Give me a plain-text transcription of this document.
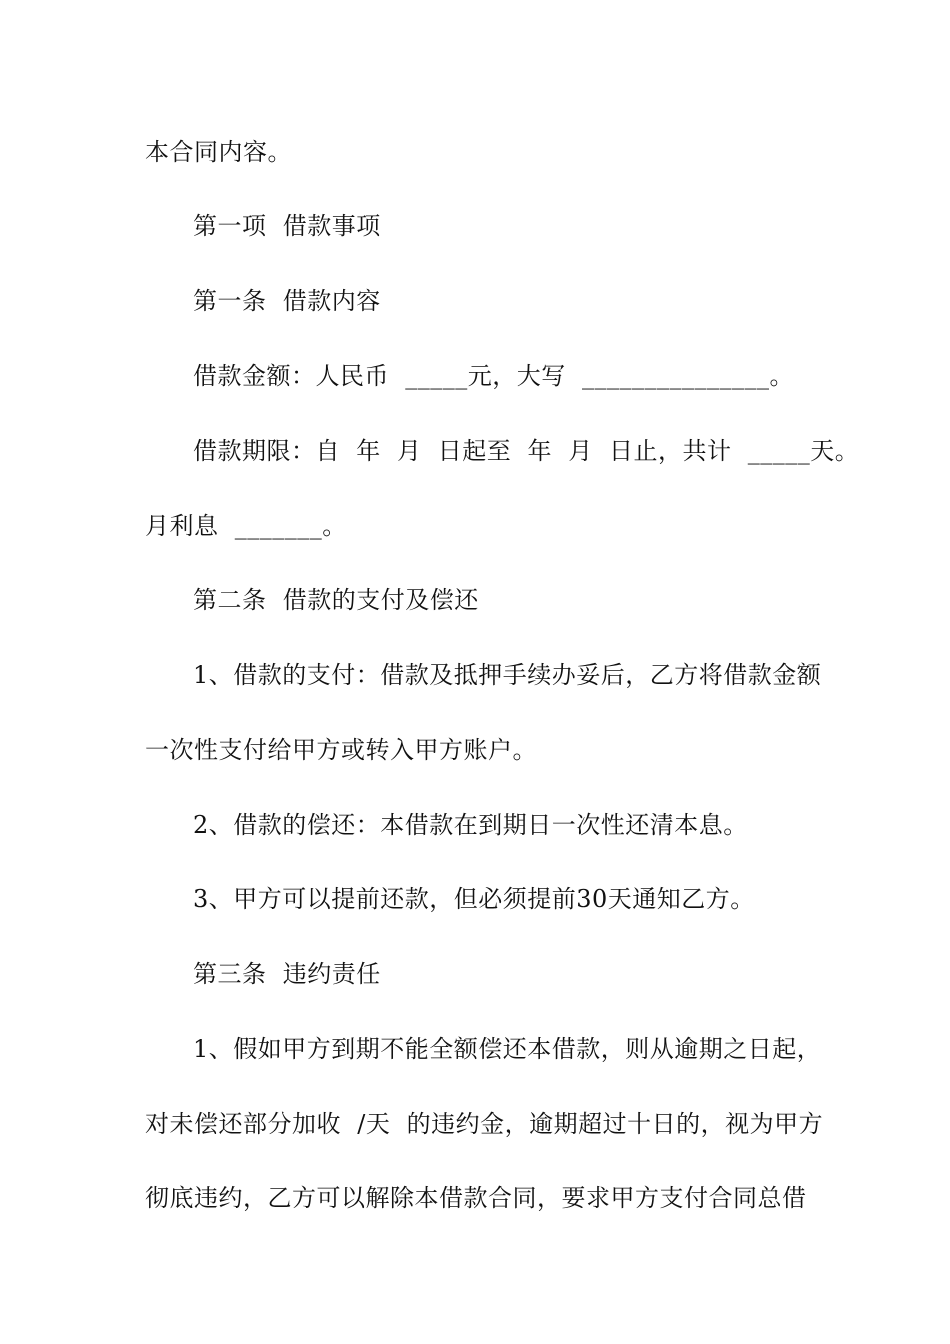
本合同内容。
第一项  借款事项
第一条  借款内容
借款金额：人民币  _____元，大写  _______________。
借款期限：自  年  月  日起至  年  月  日止，共计  _____天。
月利息  _______。
第二条  借款的支付及偿还
1、借款的支付：借款及抵押手续办妥后，乙方将借款金额
一次性支付给甲方或转入甲方账户。
2、借款的偿还：本借款在到期日一次性还清本息。
3、甲方可以提前还款，但必须提前30天通知乙方。
第三条  违约责任
1、假如甲方到期不能全额偿还本借款，则从逾期之日起，
对未偿还部分加收  /天  的违约金，逾期超过十日的，视为甲方
彻底违约，乙方可以解除本借款合同，要求甲方支付合同总借
